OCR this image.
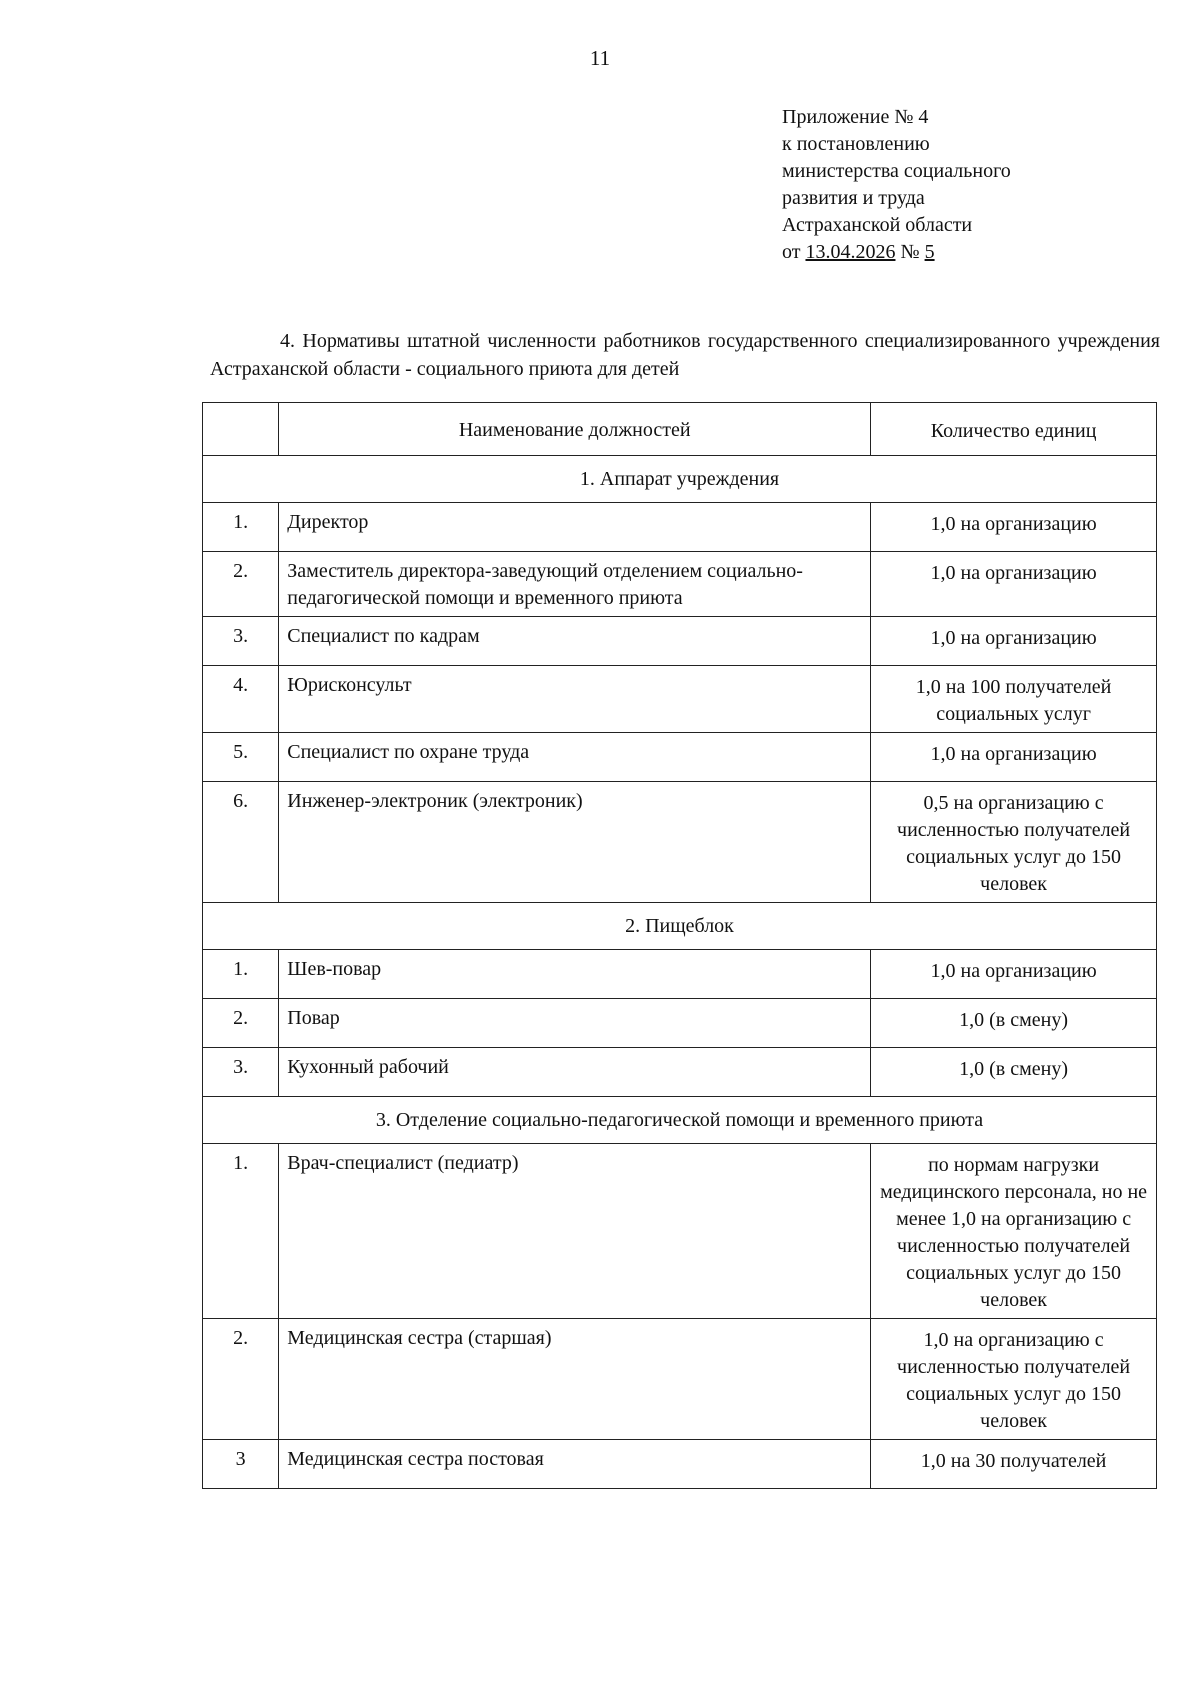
11
Приложение № 4
к постановлению
министерства социального
развития и труда
Астраханской области
от 13.04.2026 № 5
4. Нормативы штатной численности работников государственного специализированного учреждения Астраханской области - социального приюта для детей
	Наименование должностей	Количество единиц
1. Аппарат учреждения		
1.	Директор	1,0 на организацию
2.	Заместитель директора-заведующий отделением социально-педагогической помощи и временного приюта	1,0 на организацию
3.	Специалист по кадрам	1,0 на организацию
4.	Юрисконсульт	1,0 на 100 получателей социальных услуг
5.	Специалист по охране труда	1,0 на организацию
6.	Инженер-электроник (электроник)	0,5 на организацию с численностью получателей социальных услуг до 150 человек
2. Пищеблок		
1.	Шев-повар	1,0 на организацию
2.	Повар	1,0 (в смену)
3.	Кухонный рабочий	1,0 (в смену)
3. Отделение социально-педагогической помощи и временного приюта		
1.	Врач-специалист (педиатр)	по нормам нагрузки медицинского персонала, но не менее 1,0 на организацию с численностью получателей социальных услуг до 150 человек
2.	Медицинская сестра (старшая)	1,0 на организацию с численностью получателей социальных услуг до 150 человек
3	Медицинская сестра постовая	1,0 на 30 получателей
